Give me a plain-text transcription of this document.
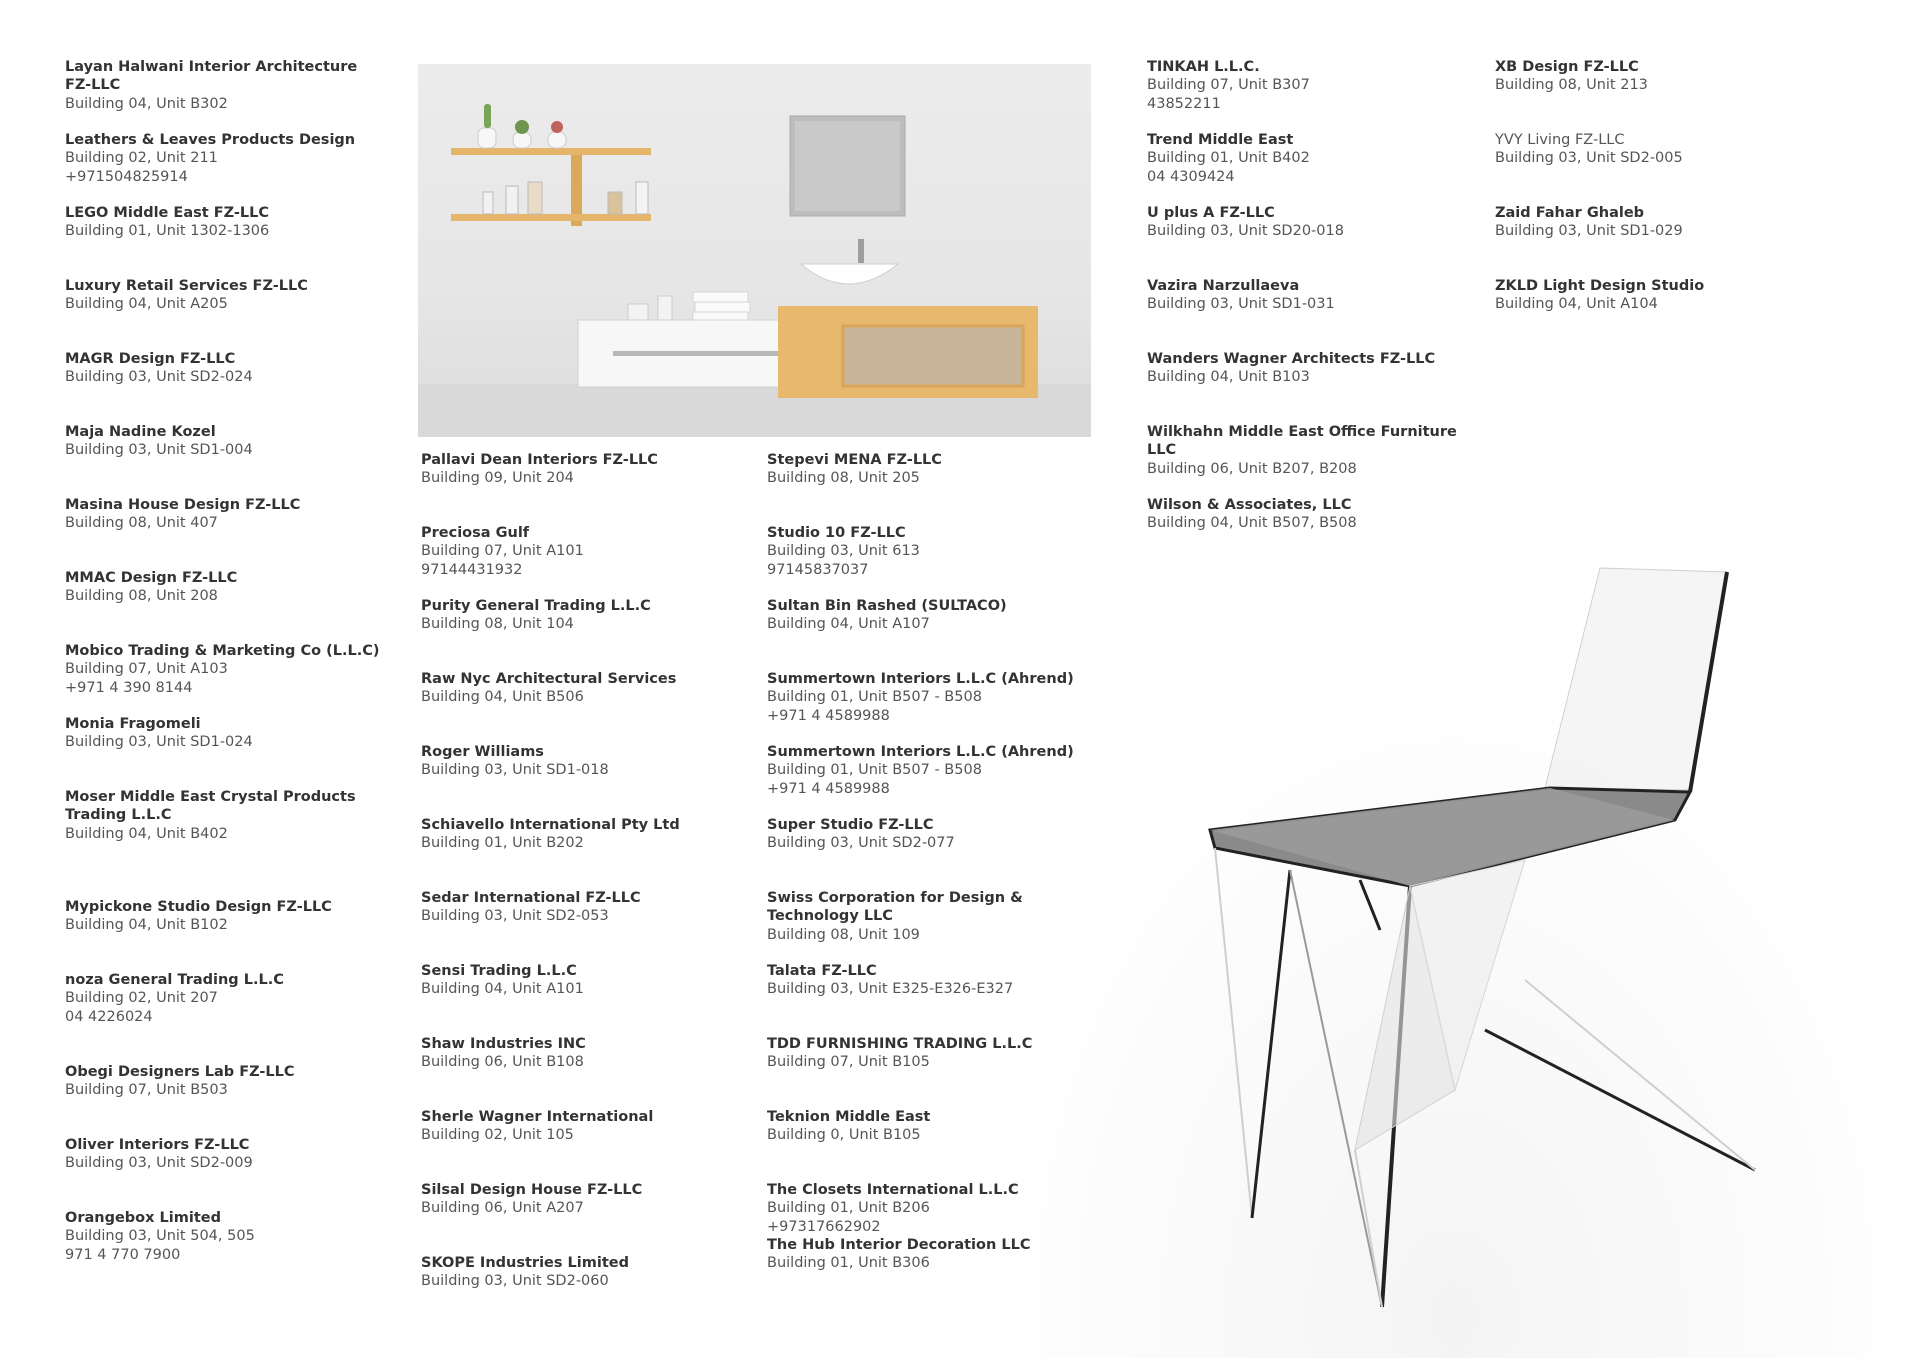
Layan Halwani Interior Architecture FZ-LLC
Building 04, Unit B302
Leathers & Leaves Products Design
Building 02, Unit 211
+971504825914
LEGO Middle East FZ-LLC
Building 01, Unit 1302-1306
Luxury Retail Services FZ-LLC
Building 04, Unit A205
MAGR Design FZ-LLC
Building 03, Unit SD2-024
Maja Nadine Kozel
Building 03, Unit SD1-004
Masina House Design FZ-LLC
Building 08, Unit 407
MMAC Design FZ-LLC
Building 08, Unit 208
Mobico Trading & Marketing Co (L.L.C)
Building 07, Unit A103
+971 4 390 8144
Monia Fragomeli
Building 03, Unit SD1-024
Moser Middle East Crystal Products Trading L.L.C
Building 04, Unit B402
Mypickone Studio Design FZ-LLC
Building 04, Unit B102
noza General Trading L.L.C
Building 02, Unit 207
04 4226024
Obegi Designers Lab FZ-LLC
Building 07, Unit B503
Oliver Interiors FZ-LLC
Building 03, Unit SD2-009
Orangebox Limited
Building 03, Unit 504, 505
971 4 770 7900
Pallavi Dean Interiors FZ-LLC
Building 09, Unit 204
Preciosa Gulf
Building 07, Unit A101
97144431932
Purity General Trading L.L.C
Building 08, Unit 104
Raw Nyc Architectural Services
Building 04, Unit B506
Roger Williams
Building 03, Unit SD1-018
Schiavello International Pty Ltd
Building 01, Unit B202
Sedar International FZ-LLC
Building 03, Unit SD2-053
Sensi Trading L.L.C
Building 04, Unit A101
Shaw Industries INC
Building 06, Unit B108
Sherle Wagner International
Building 02, Unit 105
Silsal Design House FZ-LLC
Building 06, Unit A207
SKOPE Industries Limited
Building 03, Unit SD2-060
Stepevi MENA FZ-LLC
Building 08, Unit 205
Studio 10 FZ-LLC
Building 03, Unit 613
97145837037
Sultan Bin Rashed (SULTACO)
Building 04, Unit A107
Summertown Interiors L.L.C (Ahrend)
Building 01, Unit B507 - B508
+971 4 4589988
Summertown Interiors L.L.C (Ahrend)
Building 01, Unit B507 - B508
+971 4 4589988
Super Studio FZ-LLC
Building 03, Unit SD2-077
Swiss Corporation for Design & Technology LLC
Building 08, Unit 109
Talata FZ-LLC
Building 03, Unit E325-E326-E327
TDD FURNISHING TRADING L.L.C
Building 07, Unit B105
Teknion Middle East
Building 0, Unit B105
The Closets International L.L.C
Building 01, Unit B206
+97317662902
The Hub Interior Decoration LLC
Building 01, Unit B306
TINKAH L.L.C.
Building 07, Unit B307
43852211
Trend Middle East
Building 01, Unit B402
04 4309424
U plus A FZ-LLC
Building 03, Unit SD20-018
Vazira Narzullaeva
Building 03, Unit SD1-031
Wanders Wagner Architects FZ-LLC
Building 04, Unit B103
Wilkhahn Middle East Office Furniture LLC
Building 06, Unit B207, B208
Wilson & Associates, LLC
Building 04, Unit B507, B508
XB Design FZ-LLC
Building 08, Unit 213
YVY Living FZ-LLC
Building 03, Unit SD2-005
Zaid Fahar Ghaleb
Building 03, Unit SD1-029
ZKLD Light Design Studio
Building 04, Unit A104
